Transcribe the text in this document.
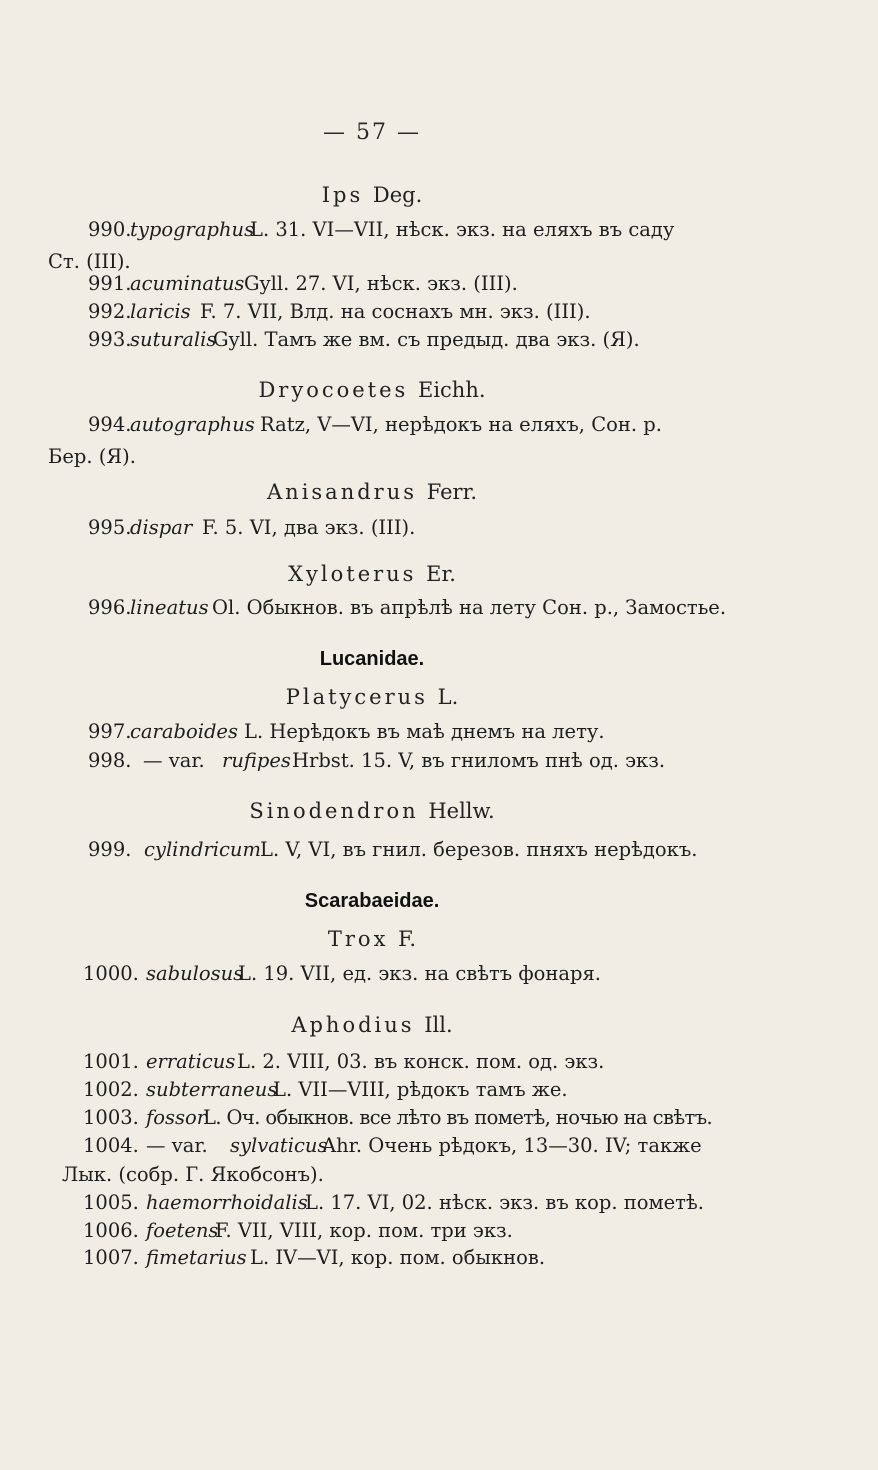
— 57 —
Ips Deg.
990.
typographus
L. 31. VI—VII, нѣск. экз. на еляхъ въ саду
Ст. (III).
991.
acuminatus Gyll. 27. VI, нѣск. экз. (III).
992.
laricis F. 7. VII, Влд. на соснахъ мн. экз. (III).
993.
suturalis
Gyll. Тамъ же вм. съ предыд. два экз. (Я).
Dryocoetes Eichh.
994.
autographus Ratz, V—VI, нерѣдокъ на еляхъ, Сон. р.
Бер. (Я).
Anisandrus Ferr.
995.
dispar F. 5. VI, два экз. (III).
Xyloterus Er.
996.
lineatus Ol. Обыкнов. въ апрѣлѣ на лету Сон. р., Замостье.
Lucanidae.
Platycerus L.
997.
caraboides L. Нерѣдокъ въ маѣ днемъ на лету.
998. — var. rufipes Hrbst. 15. V, въ гниломъ пнѣ од. экз.
Sinodendron Hellw.
999. cylindricum L. V, VI, въ гнил. березов. пняхъ нерѣдокъ.
Scarabaeidae.
Trox F.
1000. sabulosus
L. 19. VII, ед. экз. на свѣтъ фонаря.
Aphodius Ill.
1001. erraticus L. 2. VIII, 03. въ конск. пом. од. экз.
1002. subterraneus
L. VII—VIII, рѣдокъ тамъ же.
1003. fossor
L. Оч. обыкнов. все лѣто въ пометѣ, ночью на свѣтъ.
1004. — var. sylvaticus
Ahr. Очень рѣдокъ, 13—30. IV; также
Лык. (собр. Г. Якобсонъ).
1005. haemorrhoidalis
L. 17. VI, 02. нѣск. экз. въ кор. пометѣ.
1006. foetens
F. VII, VIII, кор. пом. три экз.
1007. fimetarius L. IV—VI, кор. пом. обыкнов.
